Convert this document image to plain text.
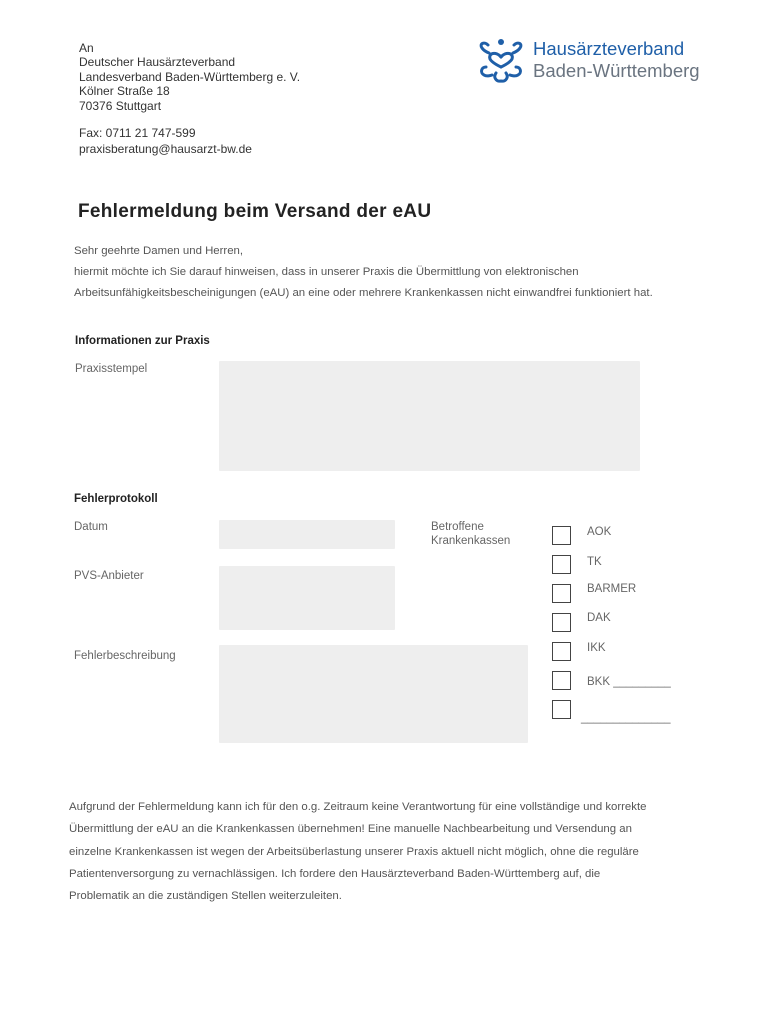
An
Deutscher Hausärzteverband
Landesverband Baden-Württemberg e. V.
Kölner Straße 18
70376 Stuttgart
Fax: 0711 21 747-599
praxisberatung@hausarzt-bw.de
Hausärzteverband
Baden-Württemberg
Fehlermeldung beim Versand der eAU
Sehr geehrte Damen und Herren,
hiermit möchte ich Sie darauf hinweisen, dass in unserer Praxis die Übermittlung von elektronischen
Arbeitsunfähigkeitsbescheinigungen (eAU) an eine oder mehrere Krankenkassen nicht einwandfrei funktioniert hat.
Informationen zur Praxis
Praxisstempel
Fehlerprotokoll
Datum
PVS-Anbieter
Fehlerbeschreibung
Betroffene
Krankenkassen
AOK
TK
BARMER
DAK
IKK
BKK _________
______________
Aufgrund der Fehlermeldung kann ich für den o.g. Zeitraum keine Verantwortung für eine vollständige und korrekte
Übermittlung der eAU an die Krankenkassen übernehmen! Eine manuelle Nachbearbeitung und Versendung an
einzelne Krankenkassen ist wegen der Arbeitsüberlastung unserer Praxis aktuell nicht möglich, ohne die reguläre
Patientenversorgung zu vernachlässigen. Ich fordere den Hausärzteverband Baden-Württemberg auf, die
Problematik an die zuständigen Stellen weiterzuleiten.
